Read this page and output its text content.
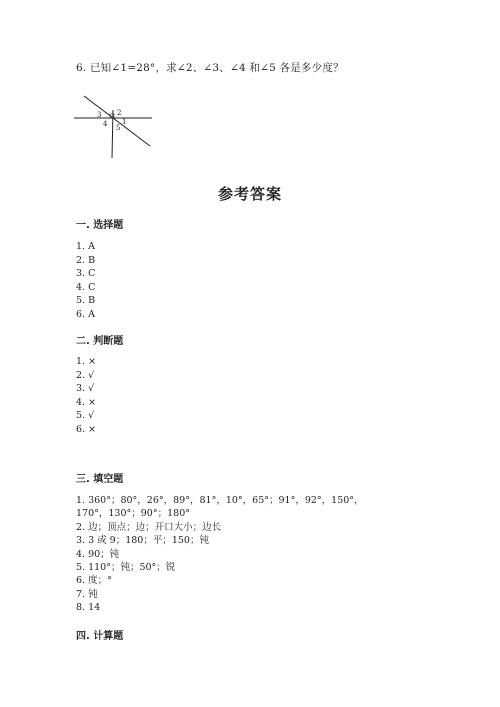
6. 已知∠1=28°，求∠2、∠3、∠4 和∠5 各是多少度？
1
2
3
4 5
参考答案
一. 选择题
1. A
2. B
3. C
4. C
5. B
6. A
二. 判断题
1. ×
2. √
3. √
4. ×
5. √
6. ×
三. 填空题
1. 360°；80°，26°，89°，81°，10°，65°；91°，92°，150°，
170°，130°；90°；180°
2. 边；顶点；边；开口大小；边长
3. 3 或 9；180；平；150；钝
4. 90；钝
5. 110°；钝；50°；锐
6. 度；°
7. 钝
8. 14
四. 计算题
